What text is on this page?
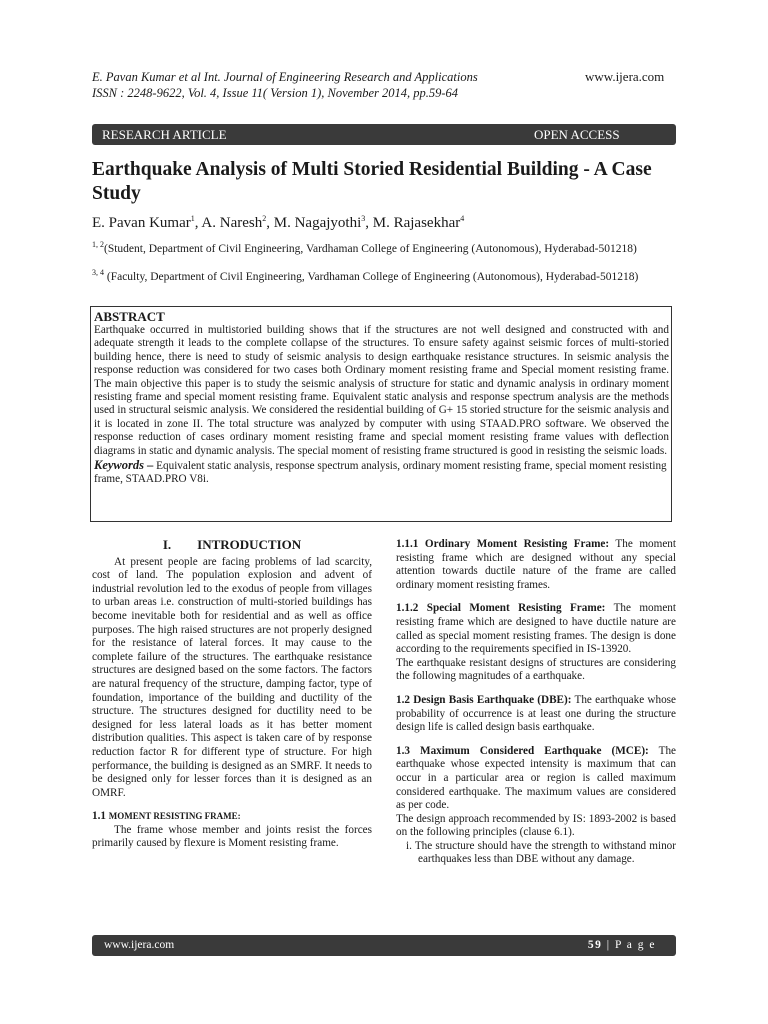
E. Pavan Kumar et al Int. Journal of Engineering Research and Applications
ISSN : 2248-9622, Vol. 4, Issue 11( Version 1), November 2014, pp.59-64
www.ijera.com
RESEARCH ARTICLE	OPEN ACCESS
Earthquake Analysis of Multi Storied Residential Building - A Case Study
E. Pavan Kumar$^1$, A. Naresh$^2$, M. Nagajyothi$^3$, M. Rajasekhar$^4$
$^{1, 2}$(Student, Department of Civil Engineering, Vardhaman College of Engineering (Autonomous), Hyderabad-501218)
$^{3, 4}$ (Faculty, Department of Civil Engineering, Vardhaman College of Engineering (Autonomous), Hyderabad-501218)
ABSTRACT
Earthquake occurred in multistoried building shows that if the structures are not well designed and constructed with and adequate strength it leads to the complete collapse of the structures. To ensure safety against seismic forces of multi-storied building hence, there is need to study of seismic analysis to design earthquake resistance structures. In seismic analysis the response reduction was considered for two cases both Ordinary moment resisting frame and Special moment resisting frame. The main objective this paper is to study the seismic analysis of structure for static and dynamic analysis in ordinary moment resisting frame and special moment resisting frame. Equivalent static analysis and response spectrum analysis are the methods used in structural seismic analysis. We considered the residential building of G+ 15 storied structure for the seismic analysis and it is located in zone II. The total structure was analyzed by computer with using STAAD.PRO software. We observed the response reduction of cases ordinary moment resisting frame and special moment resisting frame values with deflection diagrams in static and dynamic analysis. The special moment of resisting frame structured is good in resisting the seismic loads.
Keywords – Equivalent static analysis, response spectrum analysis, ordinary moment resisting frame, special moment resisting frame, STAAD.PRO V8i.
I.        INTRODUCTION

At present people are facing problems of lad scarcity, cost of land. The population explosion and advent of industrial revolution led to the exodus of people from villages to urban areas i.e. construction of multi-storied buildings has become inevitable both for residential and as well as office purposes. The high raised structures are not properly designed for the resistance of lateral forces. It may cause to the complete failure of the structures. The earthquake resistance structures are designed based on the some factors. The factors are natural frequency of the structure, damping factor, type of foundation, importance of the building and ductility of the structure. The structures designed for ductility need to be designed for less lateral loads as it has better moment distribution qualities. This aspect is taken care of by response reduction factor R for different type of structure. For high performance, the building is designed as an SMRF. It needs to be designed only for lesser forces than it is designed as an OMRF.

1.1 MOMENT RESISTING FRAME:

The frame whose member and joints resist the forces primarily caused by flexure is Moment resisting frame.

1.1.1 Ordinary Moment Resisting Frame: The moment resisting frame which are designed without any special attention towards ductile nature of the frame are called ordinary moment resisting frames.

1.1.2 Special Moment Resisting Frame: The moment resisting frame which are designed to have ductile nature are called as special moment resisting frames. The design is done according to the requirements specified in IS-13920.

The earthquake resistant designs of structures are considering the following magnitudes of a earthquake.

1.2 Design Basis Earthquake (DBE): The earthquake whose probability of occurrence is at least one during the structure design life is called design basis earthquake.

1.3 Maximum Considered Earthquake (MCE): The earthquake whose expected intensity is maximum that can occur in a particular area or region is called maximum considered earthquake. The maximum values are considered as per code.

The design approach recommended by IS: 1893-2002 is based on the following principles (clause 6.1).

i. The structure should have the strength to withstand minor earthquakes less than DBE without any damage.

www.ijera.com	59 | P a g e
